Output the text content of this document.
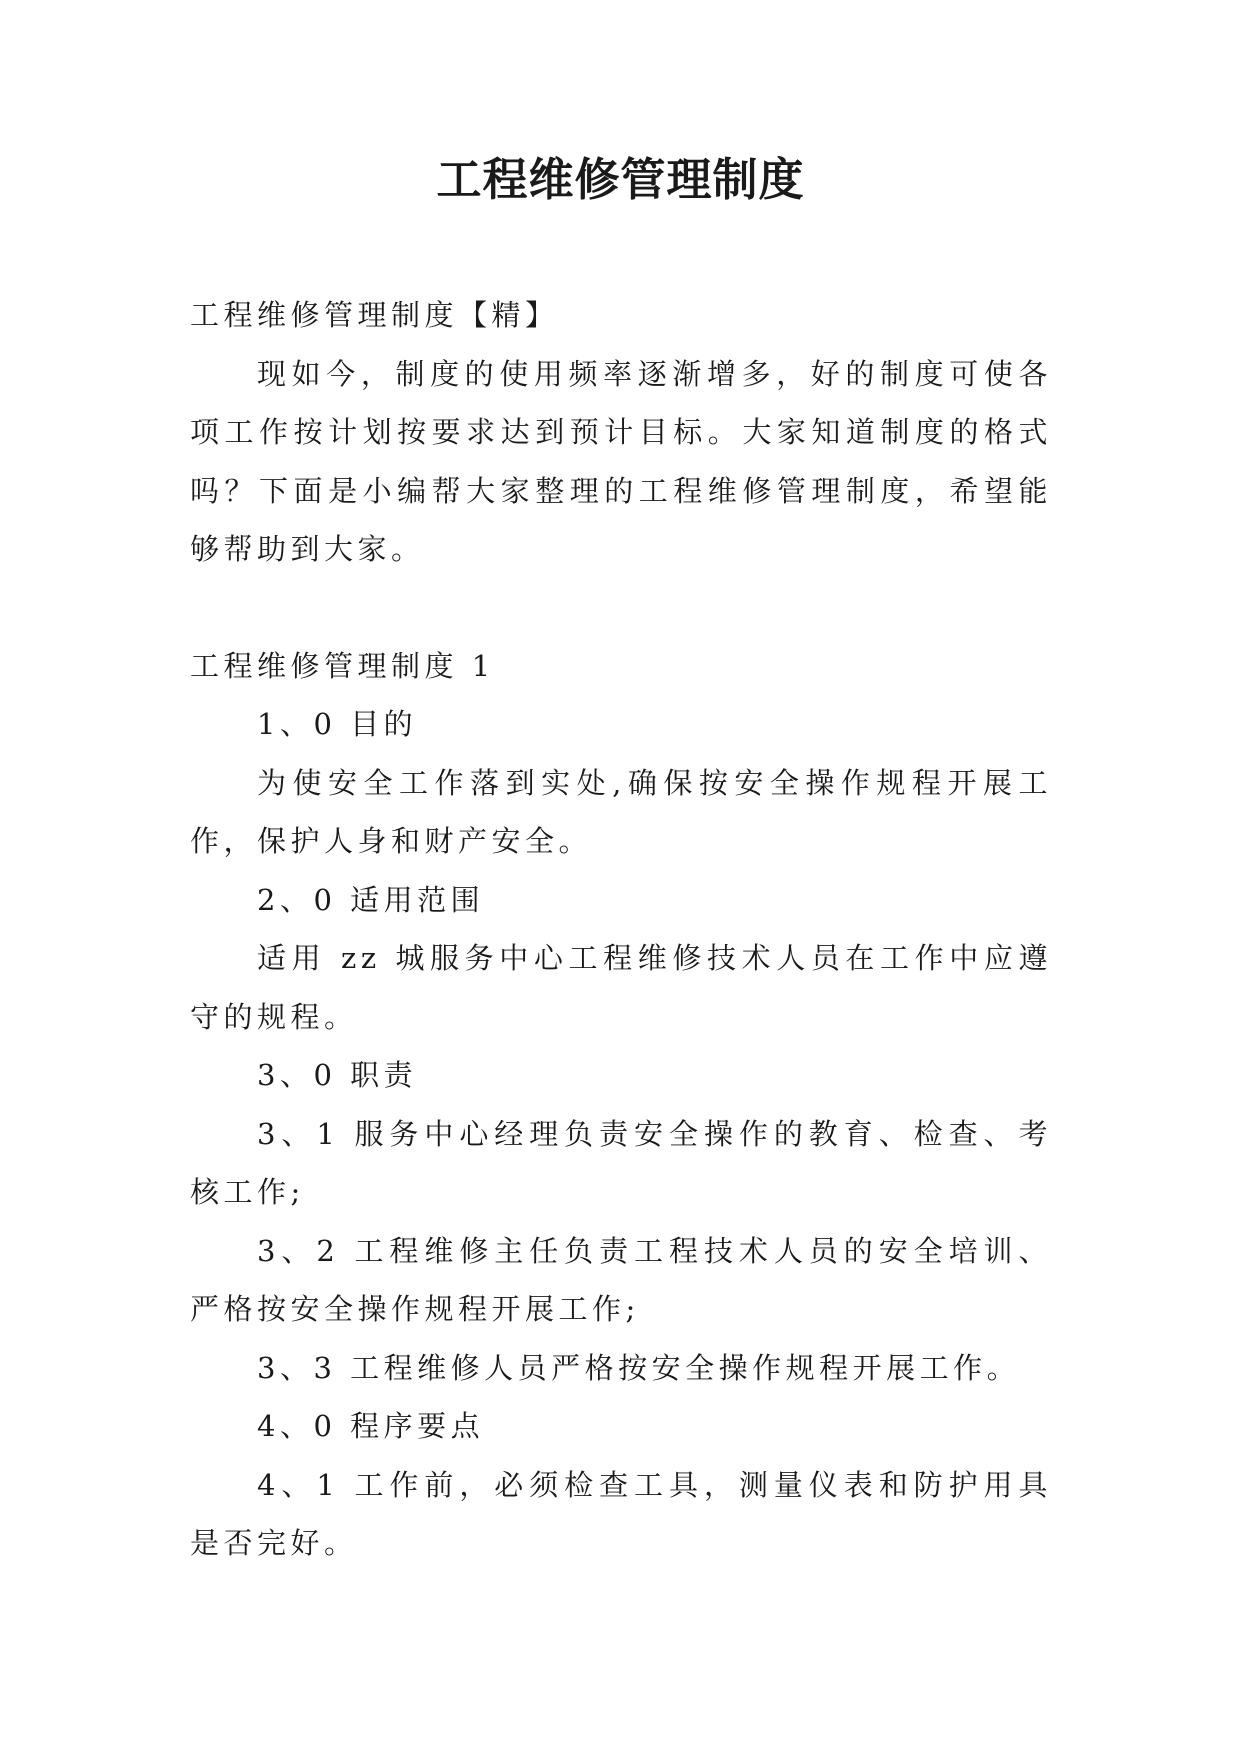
工程维修管理制度

工程维修管理制度【精】

现如今，制度的使用频率逐渐增多，好的制度可使各项工作按计划按要求达到预计目标。大家知道制度的格式吗？下面是小编帮大家整理的工程维修管理制度，希望能够帮助到大家。

工程维修管理制度 1

1、0 目的

为使安全工作落到实处,确保按安全操作规程开展工作，保护人身和财产安全。

2、0 适用范围

适用 zz 城服务中心工程维修技术人员在工作中应遵守的规程。

3、0 职责

3、1 服务中心经理负责安全操作的教育、检查、考核工作;

3、2 工程维修主任负责工程技术人员的安全培训、严格按安全操作规程开展工作;

3、3 工程维修人员严格按安全操作规程开展工作。

4、0 程序要点

4、1 工作前，必须检查工具，测量仪表和防护用具是否完好。
